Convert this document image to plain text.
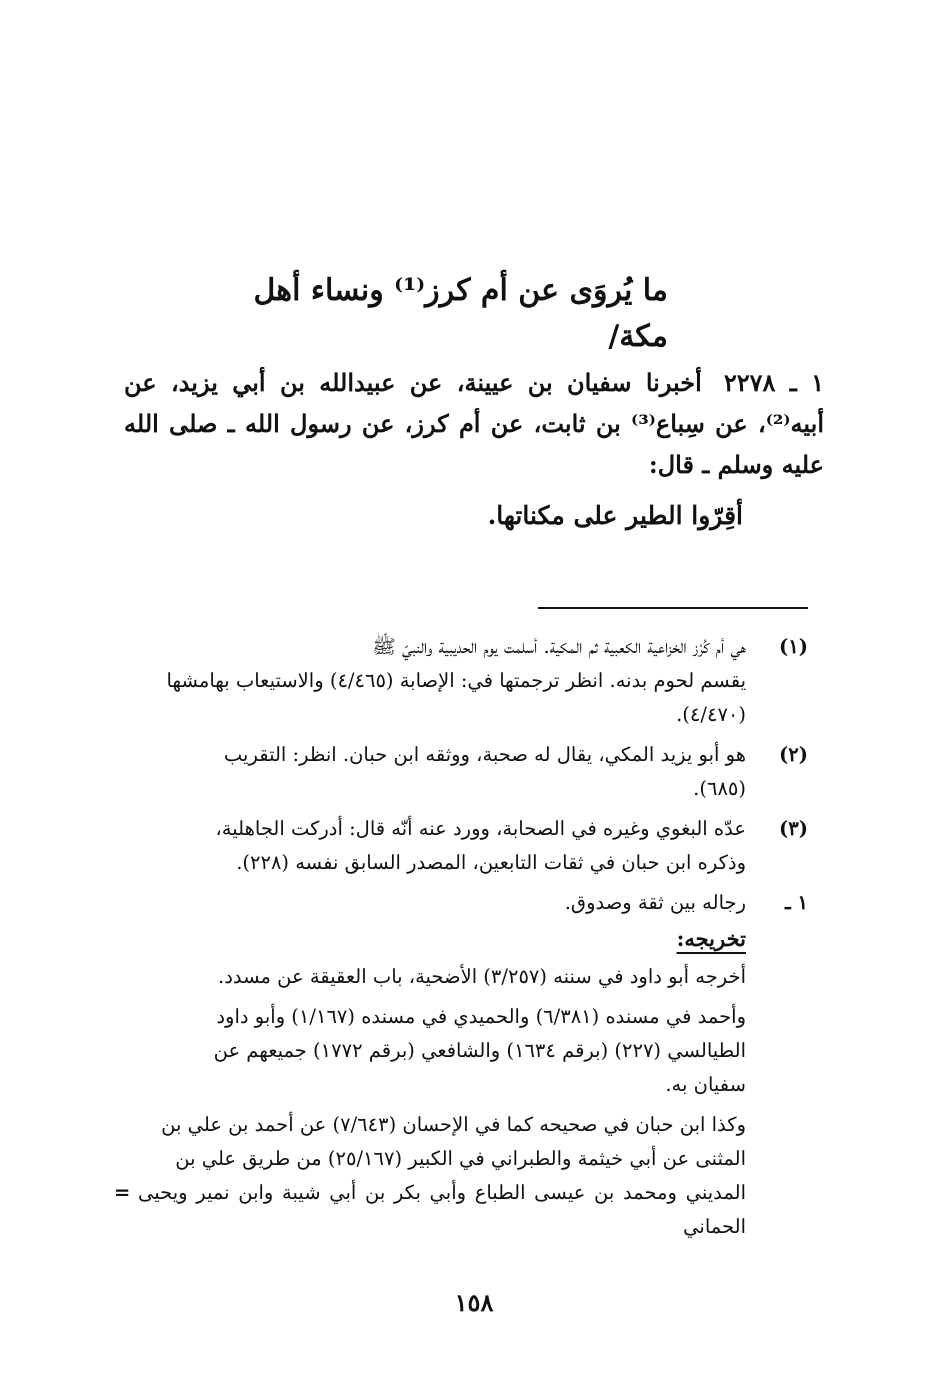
ما يُروَى عن أم كرز⁽¹⁾ ونساء أهل
مكة/
١ ـ ٢٢٧٨أخبرنا سفيان بن عيينة، عن عبيدالله بن أبي يزيد، عن أبيه⁽²⁾، عن سِباع⁽³⁾ بن ثابت، عن أم كرز، عن رسول الله ـ صلى الله عليه وسلم ـ قال:
أقِرّوا الطير على مكناتها.
(١)
هي أم كُرْز الخزاعية الكعبية ثم المكية. أسلمت يوم الحديبية والنبيّ ﷺ
يقسم لحوم بدنه. انظر ترجمتها في: الإصابة (٤/٤٦٥) والاستيعاب بهامشها
(٤/٤٧٠).
(٢)
هو أبو يزيد المكي، يقال له صحبة، ووثقه ابن حبان. انظر: التقريب
(٦٨٥).
(٣)
عدّه البغوي وغيره في الصحابة، وورد عنه أنّه قال: أدركت الجاهلية،
وذكره ابن حبان في ثقات التابعين، المصدر السابق نفسه (٢٢٨).
١ ـ
رجاله بين ثقة وصدوق.
تخريجه:
أخرجه أبو داود في سننه (٣/٢٥٧) الأضحية، باب العقيقة عن مسدد.
وأحمد في مسنده (٦/٣٨١) والحميدي في مسنده (١/١٦٧) وأبو داود
الطيالسي (٢٢٧) (برقم ١٦٣٤) والشافعي (برقم ١٧٧٢) جميعهم عن
سفيان به.
وكذا ابن حبان في صحيحه كما في الإحسان (٧/٦٤٣) عن أحمد بن علي بن
المثنى عن أبي خيثمة والطبراني في الكبير (٢٥/١٦٧) من طريق علي بن
المديني ومحمد بن عيسى الطباع وأبي بكر بن أبي شيبة وابن نمير ويحيى الحماني
=
١٥٨
